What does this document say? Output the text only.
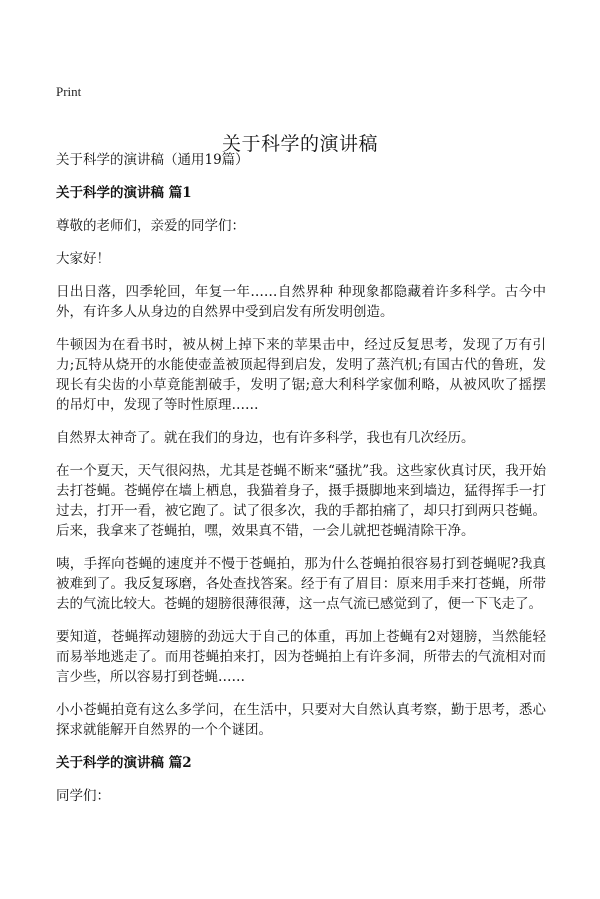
Print
关于科学的演讲稿

关于科学的演讲稿（通用19篇）

关于科学的演讲稿 篇1

尊敬的老师们，亲爱的同学们：

大家好！

日出日落，四季轮回，年复一年……自然界种 种现象都隐藏着许多科学。古今中外，有许多人从身边的自然界中受到启发有所发明创造。

牛顿因为在看书时，被从树上掉下来的苹果击中，经过反复思考，发现了万有引力;瓦特从烧开的水能使壶盖被顶起得到启发，发明了蒸汽机;有国古代的鲁班，发现长有尖齿的小草竟能割破手，发明了锯;意大利科学家伽利略，从被风吹了摇摆的吊灯中，发现了等时性原理……

自然界太神奇了。就在我们的身边，也有许多科学，我也有几次经历。

在一个夏天，天气很闷热，尤其是苍蝇不断来“骚扰”我。这些家伙真讨厌，我开始去打苍蝇。苍蝇停在墙上栖息，我猫着身子，摄手摄脚地来到墙边，猛得挥手一打过去，打开一看，被它跑了。试了很多次，我的手都拍痛了，却只打到两只苍蝇。后来，我拿来了苍蝇拍，嘿，效果真不错，一会儿就把苍蝇清除干净。

咦，手挥向苍蝇的速度并不慢于苍蝇拍，那为什么苍蝇拍很容易打到苍蝇呢?我真被难到了。我反复琢磨，各处查找答案。经于有了眉目：原来用手来打苍蝇，所带去的气流比较大。苍蝇的翅膀很薄很薄，这一点气流已感觉到了，便一下飞走了。

要知道，苍蝇挥动翅膀的劲远大于自己的体重，再加上苍蝇有2对翅膀，当然能轻而易举地逃走了。而用苍蝇拍来打，因为苍蝇拍上有许多洞，所带去的气流相对而言少些，所以容易打到苍蝇……

小小苍蝇拍竟有这么多学问，在生活中，只要对大自然认真考察，勤于思考，悉心探求就能解开自然界的一个个谜团。

关于科学的演讲稿 篇2

同学们：
